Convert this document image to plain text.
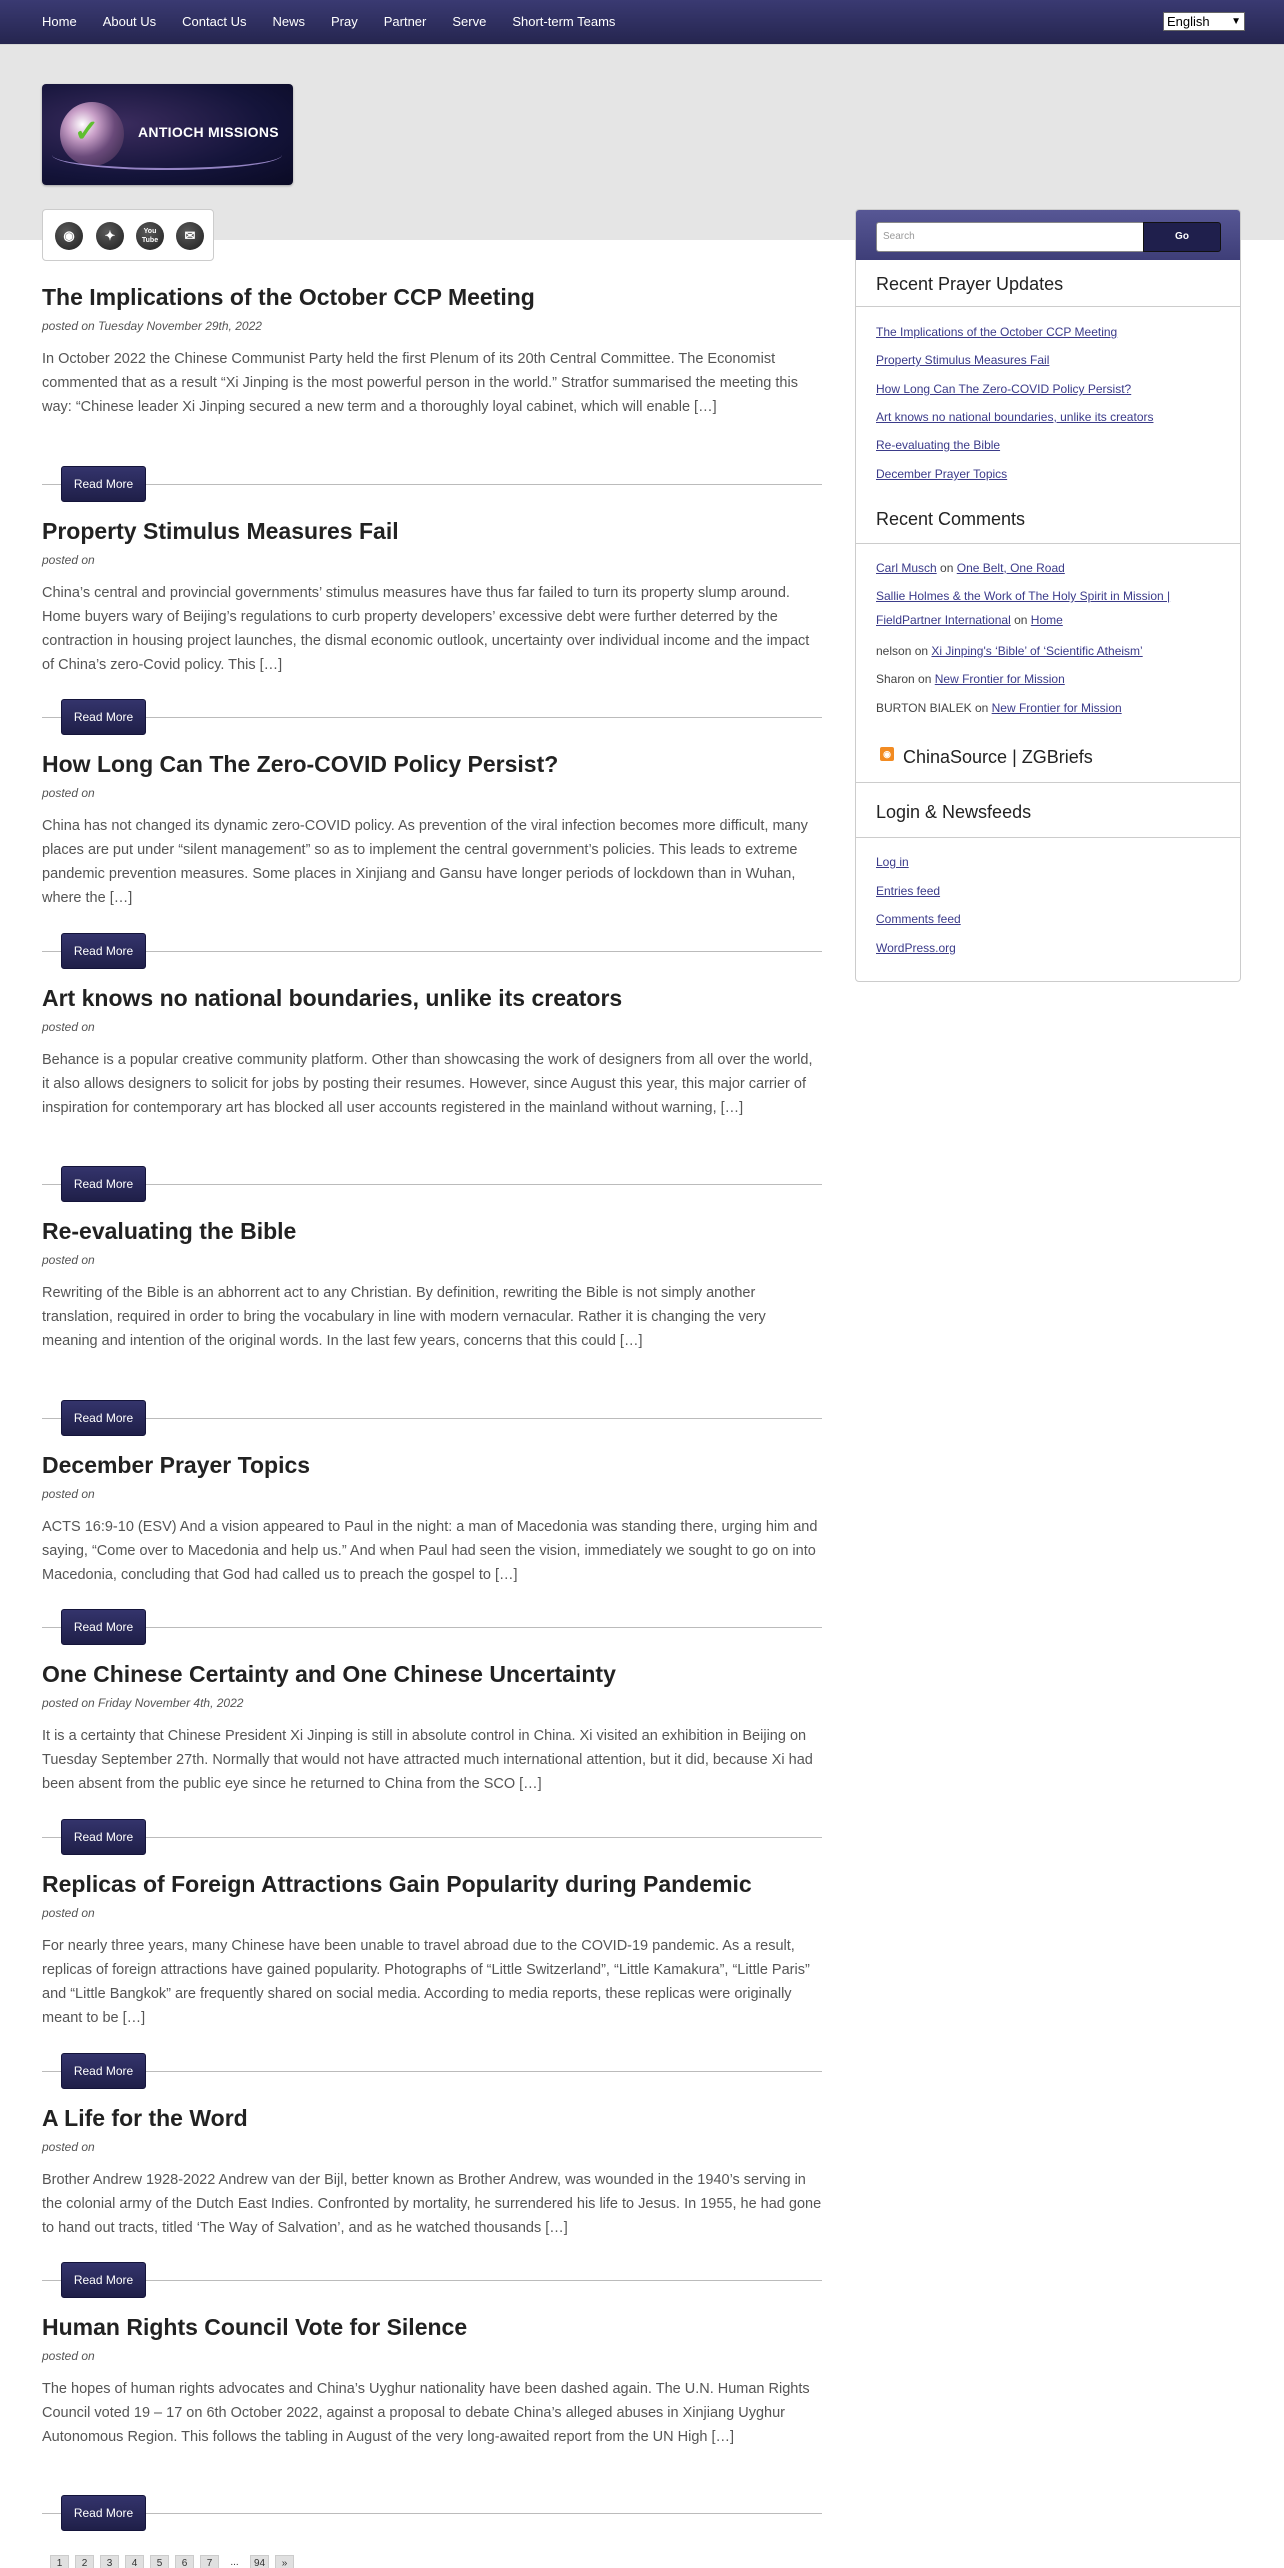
Home About Us Contact Us News Pray Partner Serve Short-term Teams	English ▼
✓	ANTIOCH MISSIONS
◉	✦	You
Tube	✉
The Implications of the October CCP Meeting
posted on Tuesday November 29th, 2022
In October 2022 the Chinese Communist Party held the first Plenum of its 20th Central Committee. The Economist commented that as a result “Xi Jinping is the most powerful person in the world.” Stratfor summarised the meeting this way: “Chinese leader Xi Jinping secured a new term and a thoroughly loyal cabinet, which will enable […]
Read More
Property Stimulus Measures Fail
posted on
China’s central and provincial governments’ stimulus measures have thus far failed to turn its property slump around. Home buyers wary of Beijing’s regulations to curb property developers’ excessive debt were further deterred by the contraction in housing project launches, the dismal economic outlook, uncertainty over individual income and the impact of China’s zero-Covid policy. This […]
Read More
How Long Can The Zero-COVID Policy Persist?
posted on
China has not changed its dynamic zero-COVID policy. As prevention of the viral infection becomes more difficult, many places are put under “silent management” so as to implement the central government’s policies. This leads to extreme pandemic prevention measures. Some places in Xinjiang and Gansu have longer periods of lockdown than in Wuhan, where the […]
Read More
Art knows no national boundaries, unlike its creators
posted on
Behance is a popular creative community platform. Other than showcasing the work of designers from all over the world, it also allows designers to solicit for jobs by posting their resumes. However, since August this year, this major carrier of inspiration for contemporary art has blocked all user accounts registered in the mainland without warning, […]
Read More
Re-evaluating the Bible
posted on
Rewriting of the Bible is an abhorrent act to any Christian. By definition, rewriting the Bible is not simply another translation, required in order to bring the vocabulary in line with modern vernacular. Rather it is changing the very meaning and intention of the original words. In the last few years, concerns that this could […]
Read More
December Prayer Topics
posted on
ACTS 16:9-10 (ESV) And a vision appeared to Paul in the night: a man of Macedonia was standing there, urging him and saying, “Come over to Macedonia and help us.” And when Paul had seen the vision, immediately we sought to go on into Macedonia, concluding that God had called us to preach the gospel to […]
Read More
One Chinese Certainty and One Chinese Uncertainty
posted on Friday November 4th, 2022
It is a certainty that Chinese President Xi Jinping is still in absolute control in China. Xi visited an exhibition in Beijing on Tuesday September 27th. Normally that would not have attracted much international attention, but it did, because Xi had been absent from the public eye since he returned to China from the SCO […]
Read More
Replicas of Foreign Attractions Gain Popularity during Pandemic
posted on
For nearly three years, many Chinese have been unable to travel abroad due to the COVID-19 pandemic. As a result, replicas of foreign attractions have gained popularity. Photographs of “Little Switzerland”, “Little Kamakura”, “Little Paris” and “Little Bangkok” are frequently shared on social media. According to media reports, these replicas were originally meant to be […]
Read More
A Life for the Word
posted on
Brother Andrew 1928-2022 Andrew van der Bijl, better known as Brother Andrew, was wounded in the 1940’s serving in the colonial army of the Dutch East Indies. Confronted by mortality, he surrendered his life to Jesus. In 1955, he had gone to hand out tracts, titled ‘The Way of Salvation’, and as he watched thousands […]
Read More
Human Rights Council Vote for Silence
posted on
The hopes of human rights advocates and China’s Uyghur nationality have been dashed again. The U.N. Human Rights Council voted 19 – 17 on 6th October 2022, against a proposal to debate China’s alleged abuses in Xinjiang Uyghur Autonomous Region. This follows the tabling in August of the very long-awaited report from the UN High […]
Read More
1	2	3	4	5	6	7	...	94	»
Search	Go
Recent Prayer Updates
The Implications of the October CCP Meeting
Property Stimulus Measures Fail
How Long Can The Zero-COVID Policy Persist?
Art knows no national boundaries, unlike its creators
Re-evaluating the Bible
December Prayer Topics
Recent Comments
Carl Musch on One Belt, One Road
Sallie Holmes & the Work of The Holy Spirit in Mission | FieldPartner International on Home
nelson on Xi Jinping's ‘Bible’ of ‘Scientific Atheism’
Sharon on New Frontier for Mission
BURTON BIALEK on New Frontier for Mission
◉ ChinaSource | ZGBriefs
Login & Newsfeeds
Log in
Entries feed
Comments feed
WordPress.org
